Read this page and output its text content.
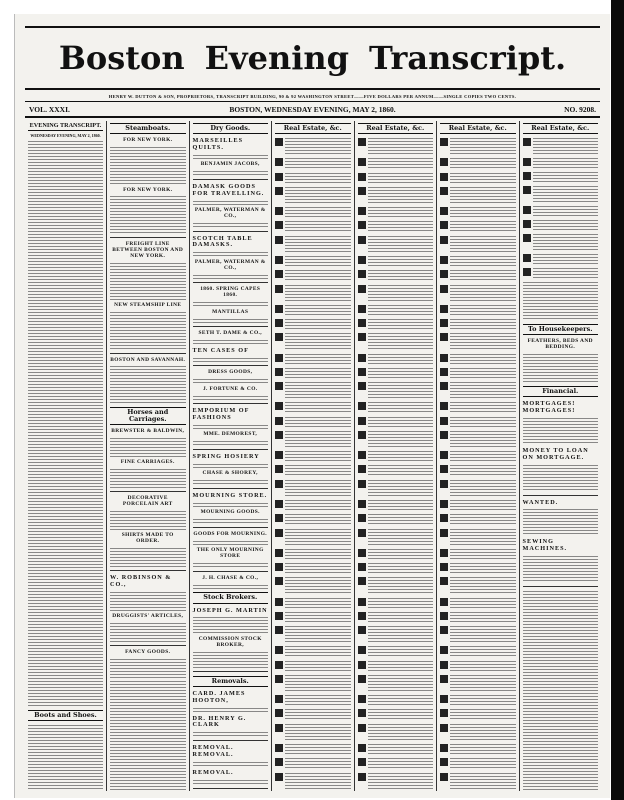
Boston Evening Transcript.
HENRY W. DUTTON & SON, PROPRIETORS, TRANSCRIPT BUILDING, 90 & 92 WASHINGTON STREET——FIVE DOLLARS PER ANNUM——SINGLE COPIES TWO CENTS.
VOL. XXXI.	BOSTON, WEDNESDAY EVENING, MAY 2, 1860.	NO. 9208.
EVENING TRANSCRIPT.
WEDNESDAY EVENING, MAY 2, 1860.
Boots and Shoes.
Steamboats.
FOR NEW YORK.
FOR NEW YORK.
FREIGHT LINE BETWEEN BOSTON AND NEW YORK.
NEW STEAMSHIP LINE
BOSTON AND SAVANNAH.
Horses and Carriages.
BREWSTER & BALDWIN,
FINE CARRIAGES.
DECORATIVE PORCELAIN ART
SHIRTS MADE TO ORDER.
W. ROBINSON & CO.,
DRUGGISTS' ARTICLES,
FANCY GOODS.
Dry Goods.
MARSEILLES QUILTS.
BENJAMIN JACOBS,
DAMASK GOODS FOR TRAVELLING.
PALMER, WATERMAN & CO.,
SCOTCH TABLE DAMASKS.
PALMER, WATERMAN & CO.,
1860. SPRING CAPES 1860.
MANTILLAS
SETH T. DAME & CO.,
TEN CASES OF
DRESS GOODS,
J. FORTUNE & CO.
EMPORIUM OF FASHIONS
MME. DEMOREST,
SPRING HOSIERY
CHASE & SHOREY,
MOURNING STORE.
MOURNING GOODS.
GOODS FOR MOURNING.
THE ONLY MOURNING STORE
J. H. CHASE & CO.,
Stock Brokers.
JOSEPH G. MARTIN
COMMISSION STOCK BROKER,
Removals.
CARD. JAMES HOOTON,
DR. HENRY G. CLARK
REMOVAL. REMOVAL.
REMOVAL.
Real Estate, &c.	Real Estate, &c.	Real Estate, &c.	Real Estate, &c.
To Housekeepers.
FEATHERS, BEDS AND BEDDING.
Financial.
MORTGAGES! MORTGAGES!
MONEY TO LOAN ON MORTGAGE.
WANTED.
SEWING MACHINES.
